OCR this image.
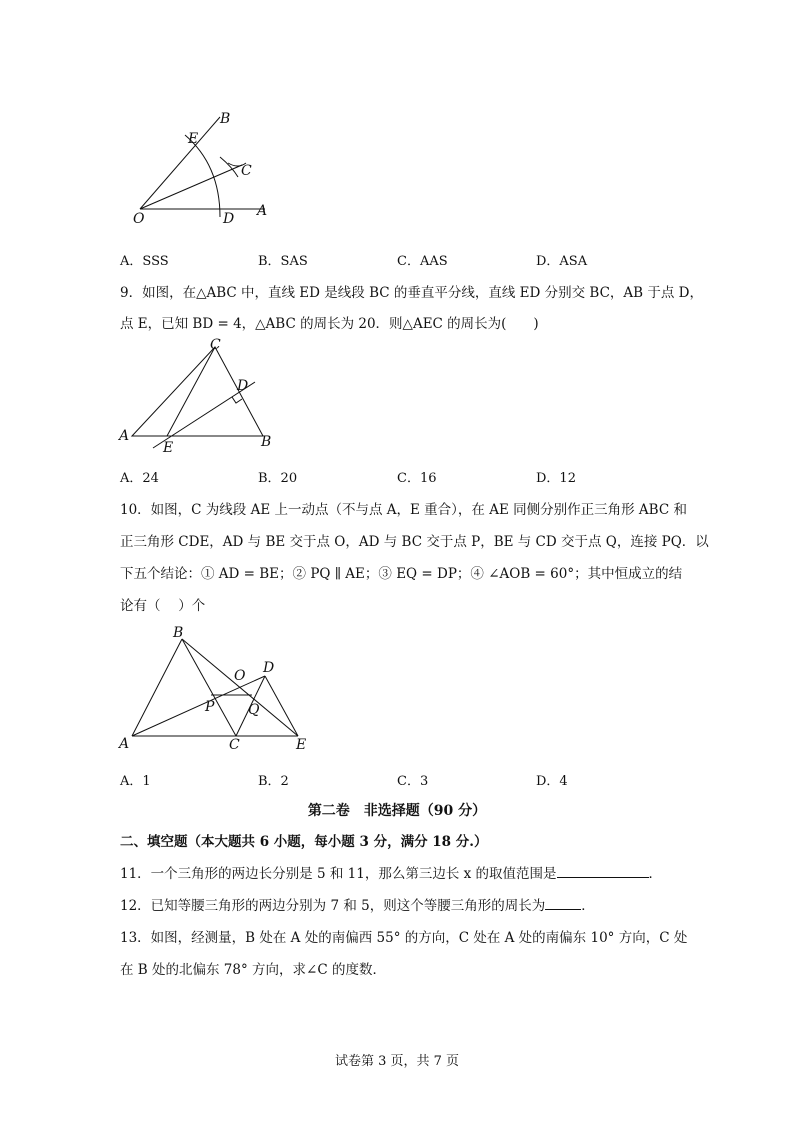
B
E
C
O	D A
A．SSS	B．SAS	C．AAS	D．ASA
9．如图，在△ABC 中，直线 ED 是线段 BC 的垂直平分线，直线 ED 分别交 BC，AB 于点 D，
点 E，已知 BD = 4，△ABC 的周长为 20．则△AEC 的周长为(　　)
C
D
A
E	B
A．24	B．20	C．16	D．12
10．如图，C 为线段 AE 上一动点（不与点 A，E 重合），在 AE 同侧分别作正三角形 ABC 和
正三角形 CDE，AD 与 BE 交于点 O，AD 与 BC 交于点 P，BE 与 CD 交于点 Q，连接 PQ．以
下五个结论：① AD = BE；② PQ ∥ AE；③ EQ = DP；④ ∠AOB = 60°；其中恒成立的结
论有（　 ）个
B
D
O
P Q
A	C	E
A．1	B．2	C．3	D．4
第二卷　非选择题（90 分）
二、填空题（本大题共 6 小题，每小题 3 分，满分 18 分.）
11．一个三角形的两边长分别是 5 和 11，那么第三边长 x 的取值范围是	．
12．已知等腰三角形的两边分别为 7 和 5，则这个等腰三角形的周长为	．
13．如图，经测量，B 处在 A 处的南偏西 55° 的方向，C 处在 A 处的南偏东 10° 方向，C 处
在 B 处的北偏东 78° 方向，求∠C 的度数．
试卷第 3 页，共 7 页
